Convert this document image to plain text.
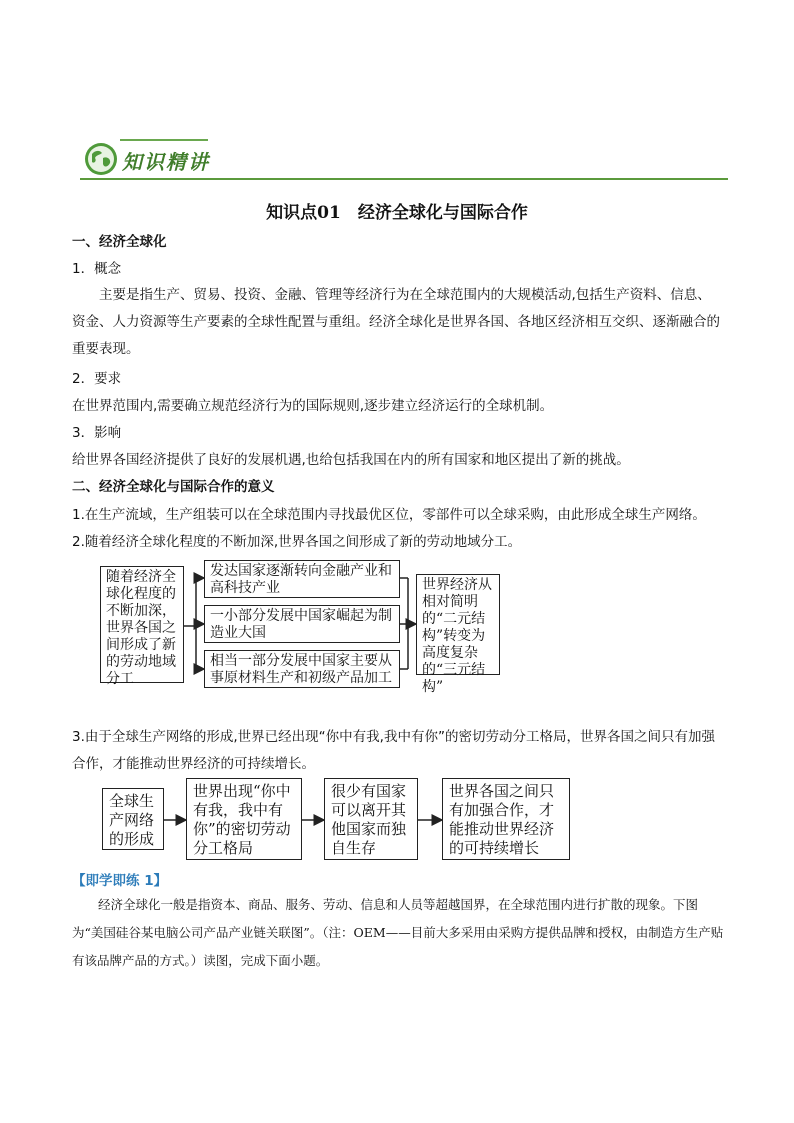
知识精讲
知识点01　经济全球化与国际合作
一、经济全球化
1．概念
主要是指生产、贸易、投资、金融、管理等经济行为在全球范围内的大规模活动,包括生产资料、信息、资金、人力资源等生产要素的全球性配置与重组。经济全球化是世界各国、各地区经济相互交织、逐渐融合的重要表现。
2．要求
在世界范围内,需要确立规范经济行为的国际规则,逐步建立经济运行的全球机制。
3．影响
给世界各国经济提供了良好的发展机遇,也给包括我国在内的所有国家和地区提出了新的挑战。
二、经济全球化与国际合作的意义
1.在生产流域，生产组装可以在全球范围内寻找最优区位，零部件可以全球采购，由此形成全球生产网络。
2.随着经济全球化程度的不断加深,世界各国之间形成了新的劳动地域分工。
随着经济全球化程度的不断加深，世界各国之间形成了新的劳动地域分工
发达国家逐渐转向金融产业和高科技产业
一小部分发展中国家崛起为制造业大国
相当一部分发展中国家主要从事原材料生产和初级产品加工
世界经济从相对简明的“二元结构”转变为高度复杂的“三元结构”
3.由于全球生产网络的形成,世界已经出现“你中有我,我中有你”的密切劳动分工格局，世界各国之间只有加强合作，才能推动世界经济的可持续增长。
全球生产网络的形成
世界出现“你中有我，我中有你”的密切劳动分工格局
很少有国家可以离开其他国家而独自生存
世界各国之间只有加强合作，才能推动世界经济的可持续增长
【即学即练 1】
经济全球化一般是指资本、商品、服务、劳动、信息和人员等超越国界，在全球范围内进行扩散的现象。下图为“美国硅谷某电脑公司产品产业链关联图”。（注：OEM——目前大多采用由采购方提供品牌和授权，由制造方生产贴有该品牌产品的方式。）读图，完成下面小题。
